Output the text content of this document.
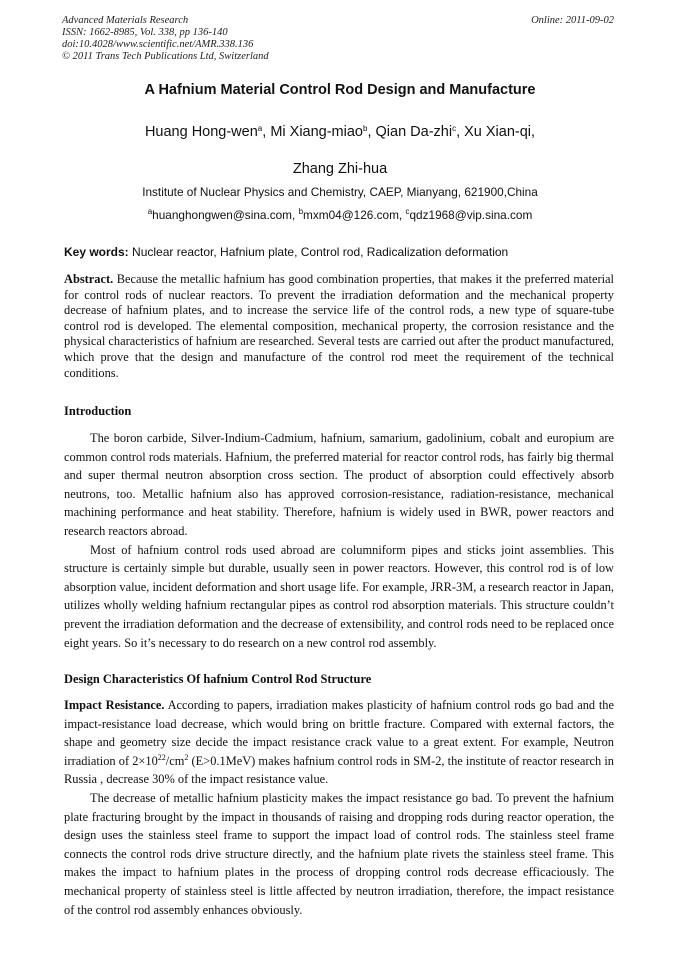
Advanced Materials Research
ISSN: 1662-8985, Vol. 338, pp 136-140
doi:10.4028/www.scientific.net/AMR.338.136
© 2011 Trans Tech Publications Ltd, Switzerland
Online: 2011-09-02
A Hafnium Material Control Rod Design and Manufacture
Huang Hong-wen$^a$, Mi Xiang-miao$^b$, Qian Da-zhi$^c$, Xu Xian-qi,
Zhang Zhi-hua
Institute of Nuclear Physics and Chemistry, CAEP, Mianyang, 621900,China
$^a$huanghongwen@sina.com, $^b$mxm04@126.com, $^c$qdz1968@vip.sina.com
Key words: Nuclear reactor, Hafnium plate, Control rod, Radicalization deformation

Abstract. Because the metallic hafnium has good combination properties, that makes it the preferred material for control rods of nuclear reactors. To prevent the irradiation deformation and the mechanical property decrease of hafnium plates, and to increase the service life of the control rods, a new type of square-tube control rod is developed. The elemental composition, mechanical property, the corrosion resistance and the physical characteristics of hafnium are researched. Several tests are carried out after the product manufactured, which prove that the design and manufacture of the control rod meet the requirement of the technical conditions.

Introduction

The boron carbide, Silver-Indium-Cadmium, hafnium, samarium, gadolinium, cobalt and europium are common control rods materials. Hafnium, the preferred material for reactor control rods, has fairly big thermal and super thermal neutron absorption cross section. The product of absorption could effectively absorb neutrons, too. Metallic hafnium also has approved corrosion-resistance, radiation-resistance, mechanical machining performance and heat stability. Therefore, hafnium is widely used in BWR, power reactors and research reactors abroad.

Most of hafnium control rods used abroad are columniform pipes and sticks joint assemblies. This structure is certainly simple but durable, usually seen in power reactors. However, this control rod is of low absorption value, incident deformation and short usage life. For example, JRR-3M, a research reactor in Japan, utilizes wholly welding hafnium rectangular pipes as control rod absorption materials. This structure couldn’t prevent the irradiation deformation and the decrease of extensibility, and control rods need to be replaced once eight years. So it’s necessary to do research on a new control rod assembly.

Design Characteristics Of hafnium Control Rod Structure

Impact Resistance. According to papers, irradiation makes plasticity of hafnium control rods go bad and the impact-resistance load decrease, which would bring on brittle fracture. Compared with external factors, the shape and geometry size decide the impact resistance crack value to a great extent. For example, Neutron irradiation of $2\times 10^{22}/cm^2$ (E>0.1MeV) makes hafnium control rods in SM-2, the institute of reactor research in Russia , decrease 30% of the impact resistance value.

The decrease of metallic hafnium plasticity makes the impact resistance go bad. To prevent the hafnium plate fracturing brought by the impact in thousands of raising and dropping rods during reactor operation, the design uses the stainless steel frame to support the impact load of control rods. The stainless steel frame connects the control rods drive structure directly, and the hafnium plate rivets the stainless steel frame. This makes the impact to hafnium plates in the process of dropping control rods decrease efficaciously. The mechanical property of stainless steel is little affected by neutron irradiation, therefore, the impact resistance of the control rod assembly enhances obviously.
